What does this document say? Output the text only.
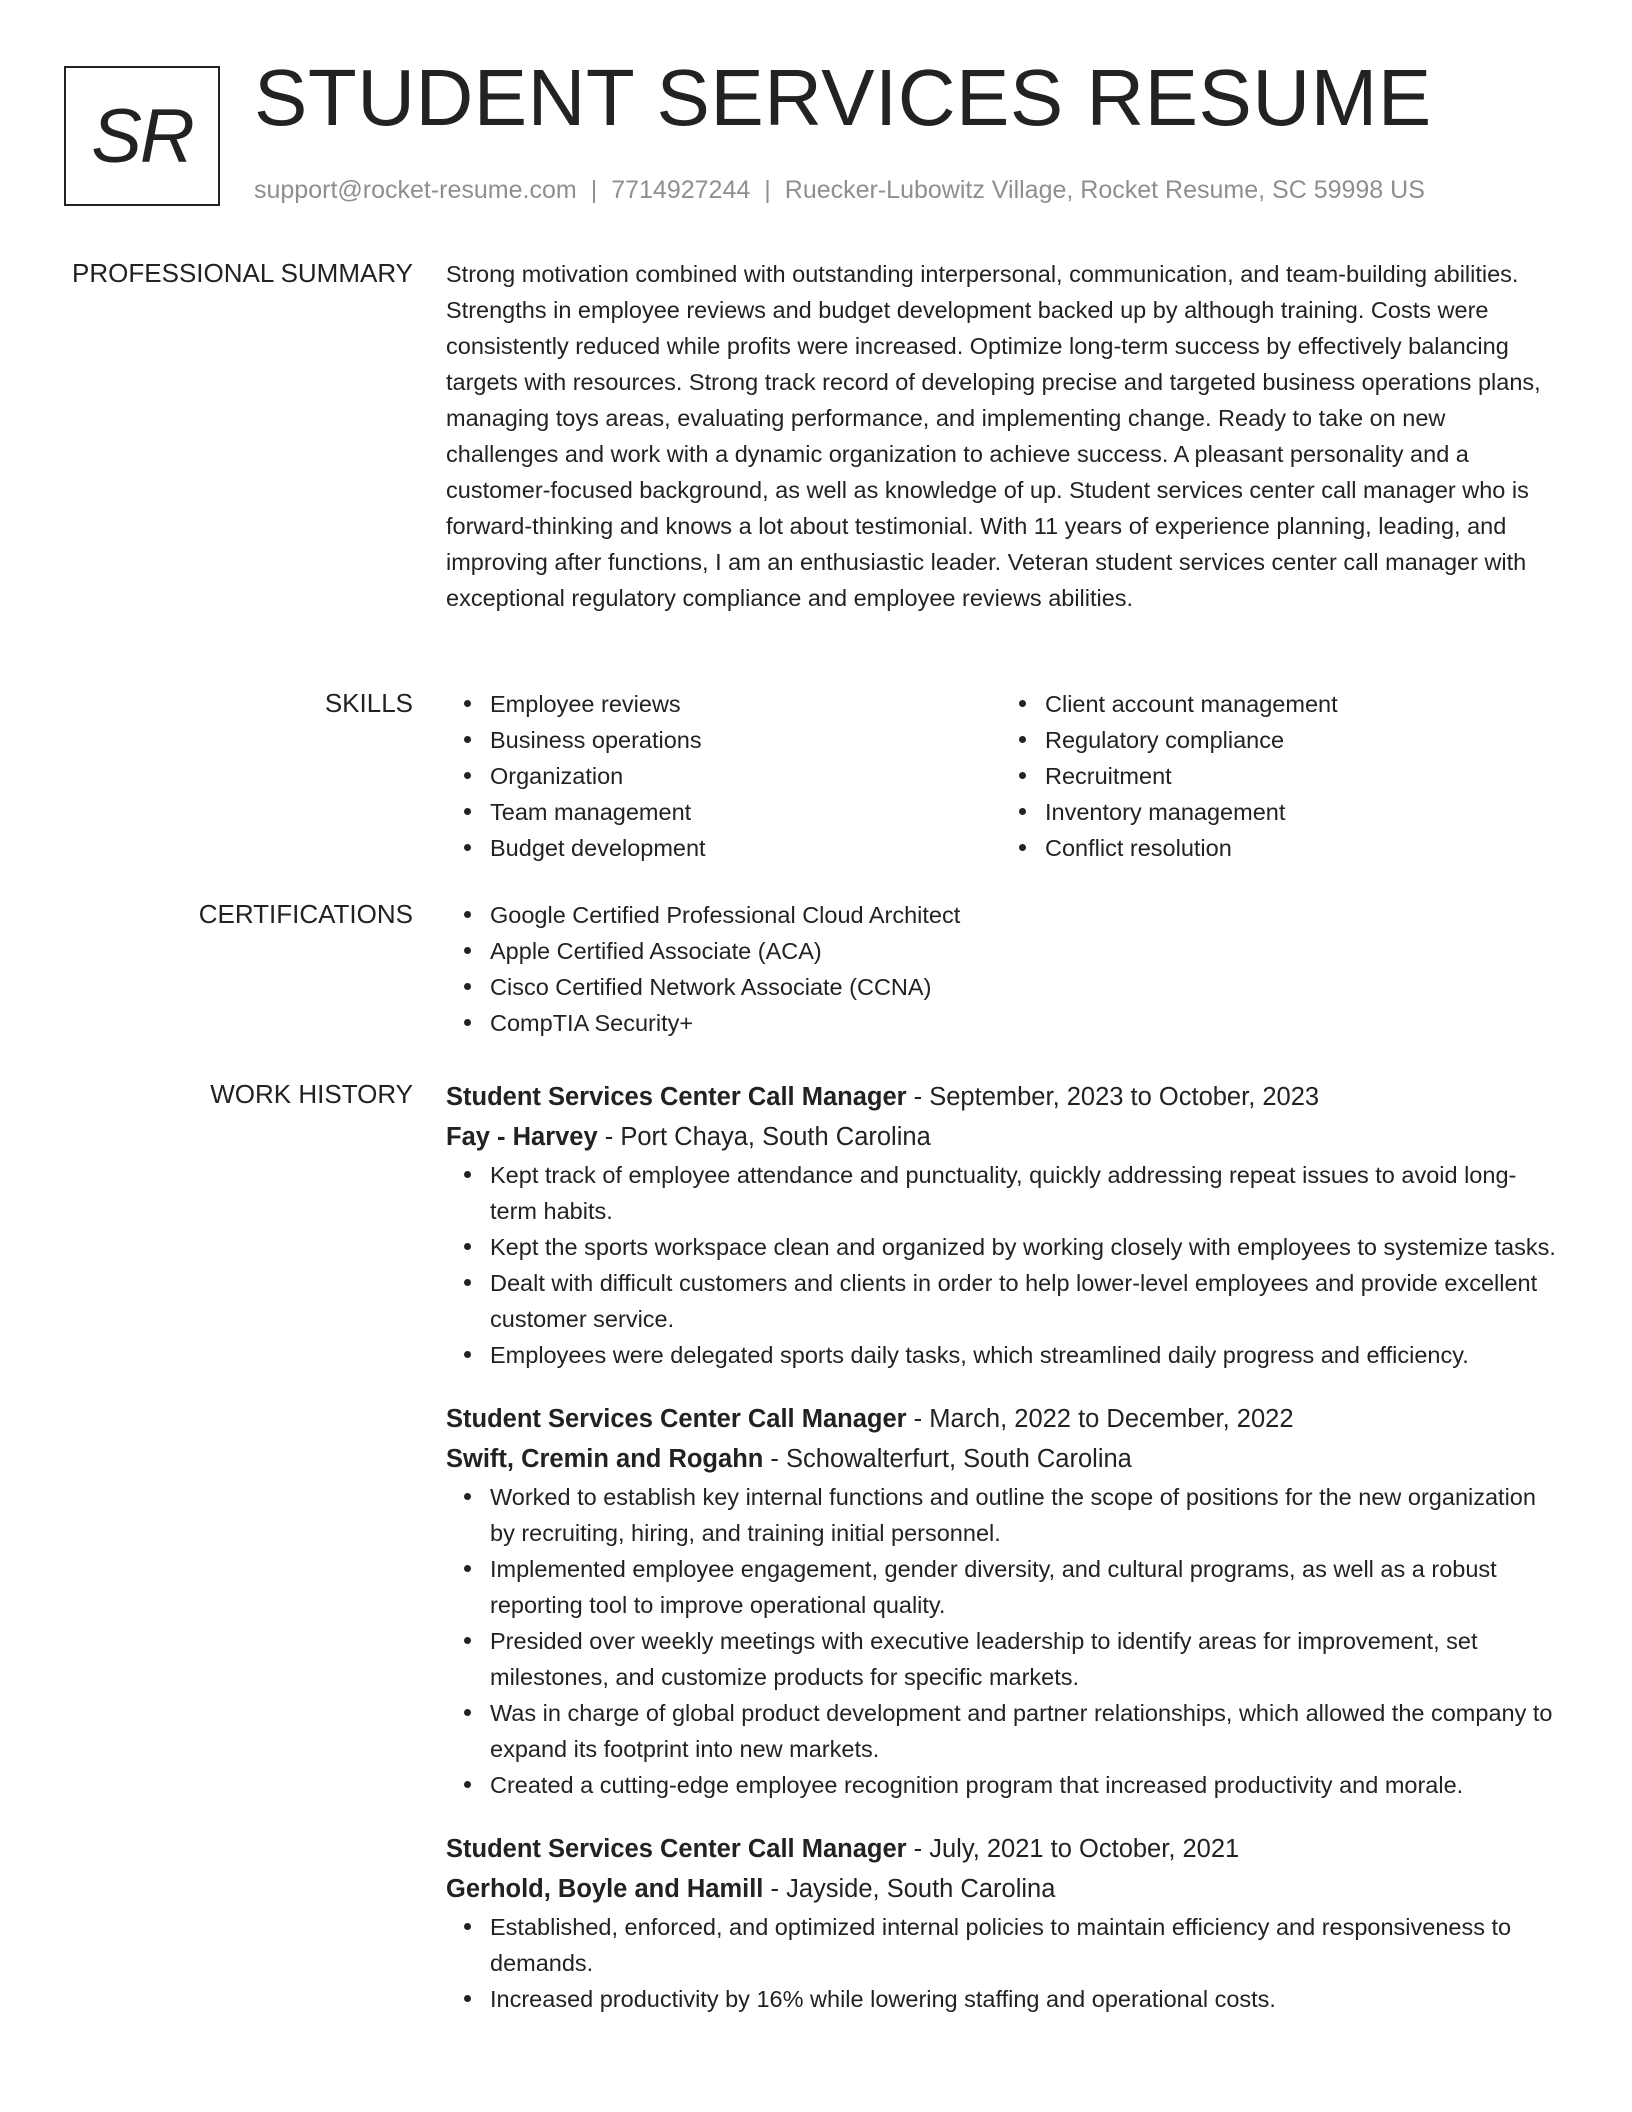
SR STUDENT SERVICES RESUME
support@rocket-resume.com | 7714927244 | Ruecker-Lubowitz Village, Rocket Resume, SC 59998 US
PROFESSIONAL SUMMARY Strong motivation combined with outstanding interpersonal, communication, and team-building abilities. Strengths in employee reviews and budget development backed up by although training. Costs were consistently reduced while profits were increased. Optimize long-term success by effectively balancing targets with resources. Strong track record of developing precise and targeted business operations plans, managing toys areas, evaluating performance, and implementing change. Ready to take on new challenges and work with a dynamic organization to achieve success. A pleasant personality and a customer-focused background, as well as knowledge of up. Student services center call manager who is forward-thinking and knows a lot about testimonial. With 11 years of experience planning, leading, and improving after functions, I am an enthusiastic leader. Veteran student services center call manager with exceptional regulatory compliance and employee reviews abilities.

SKILLS	Employee reviews
Business operations
Organization
Team management
Budget development
Client account management
Regulatory compliance
Recruitment
Inventory management
Conflict resolution
CERTIFICATIONS	Google Certified Professional Cloud Architect
Apple Certified Associate (ACA)
Cisco Certified Network Associate (CCNA)
CompTIA Security+
WORK HISTORY Student Services Center Call Manager - September, 2023 to October, 2023
Fay - Harvey - Port Chaya, South Carolina
Kept track of employee attendance and punctuality, quickly addressing repeat issues to avoid long-term habits.
Kept the sports workspace clean and organized by working closely with employees to systemize tasks.
Dealt with difficult customers and clients in order to help lower-level employees and provide excellent customer service.
Employees were delegated sports daily tasks, which streamlined daily progress and efficiency.
Student Services Center Call Manager - March, 2022 to December, 2022
Swift, Cremin and Rogahn - Schowalterfurt, South Carolina
Worked to establish key internal functions and outline the scope of positions for the new organization by recruiting, hiring, and training initial personnel.
Implemented employee engagement, gender diversity, and cultural programs, as well as a robust reporting tool to improve operational quality.
Presided over weekly meetings with executive leadership to identify areas for improvement, set milestones, and customize products for specific markets.
Was in charge of global product development and partner relationships, which allowed the company to expand its footprint into new markets.
Created a cutting-edge employee recognition program that increased productivity and morale.
Student Services Center Call Manager - July, 2021 to October, 2021
Gerhold, Boyle and Hamill - Jayside, South Carolina
Established, enforced, and optimized internal policies to maintain efficiency and responsiveness to demands.
Increased productivity by 16% while lowering staffing and operational costs.
